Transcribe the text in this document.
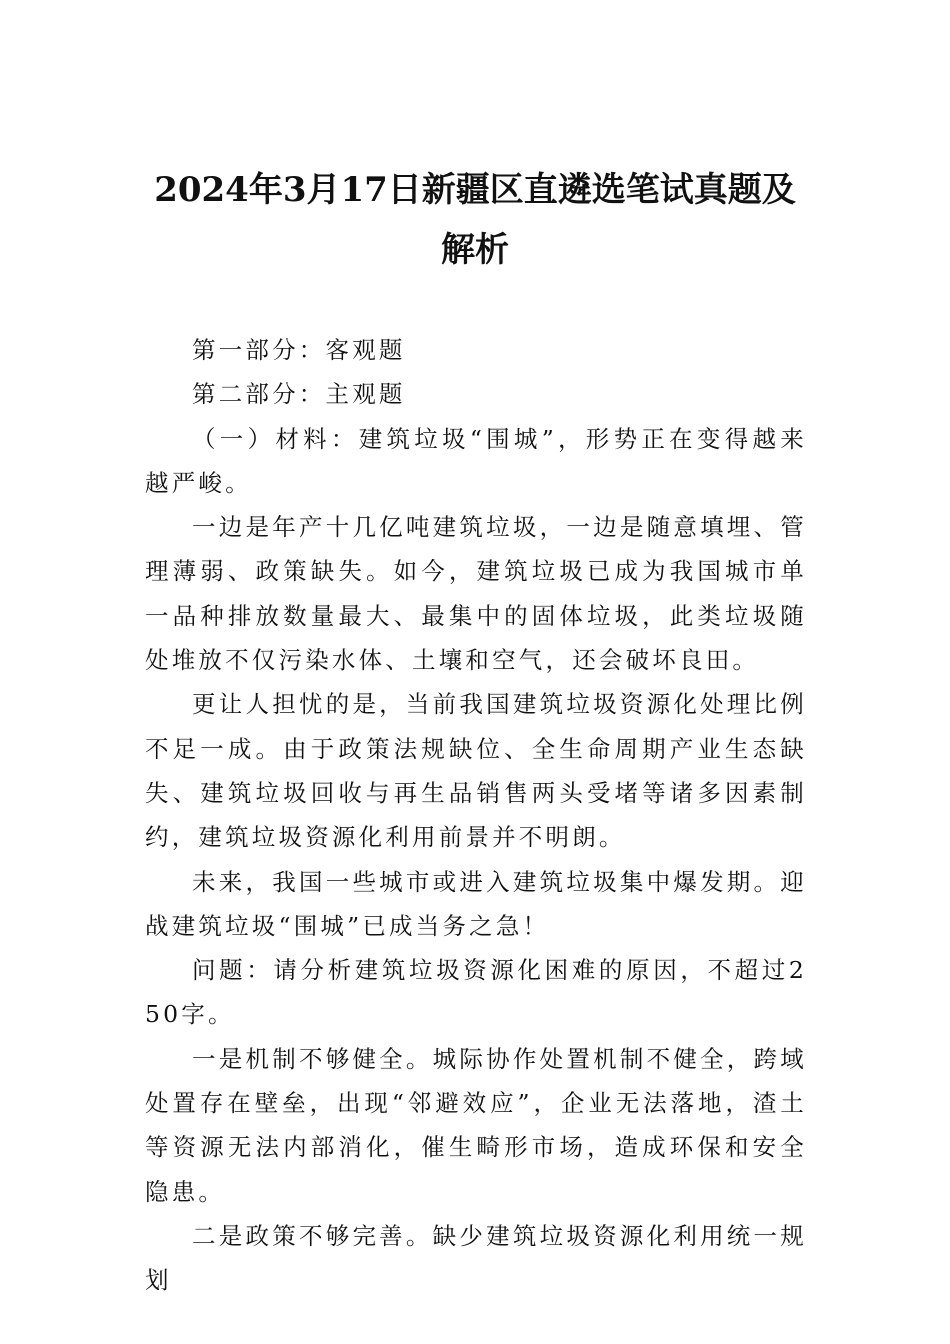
2024年3月17日新疆区直遴选笔试真题及解析

第一部分：客观题

第二部分：主观题

（一）材料：建筑垃圾“围城”，形势正在变得越来越严峻。

一边是年产十几亿吨建筑垃圾，一边是随意填埋、管理薄弱、政策缺失。如今，建筑垃圾已成为我国城市单一品种排放数量最大、最集中的固体垃圾，此类垃圾随处堆放不仅污染水体、土壤和空气，还会破坏良田。

更让人担忧的是，当前我国建筑垃圾资源化处理比例不足一成。由于政策法规缺位、全生命周期产业生态缺失、建筑垃圾回收与再生品销售两头受堵等诸多因素制约，建筑垃圾资源化利用前景并不明朗。

未来，我国一些城市或进入建筑垃圾集中爆发期。迎战建筑垃圾“围城”已成当务之急！

问题：请分析建筑垃圾资源化困难的原因，不超过250字。

一是机制不够健全。城际协作处置机制不健全，跨域处置存在壁垒，出现“邻避效应”，企业无法落地，渣土等资源无法内部消化，催生畸形市场，造成环保和安全隐患。

二是政策不够完善。缺少建筑垃圾资源化利用统一规划
